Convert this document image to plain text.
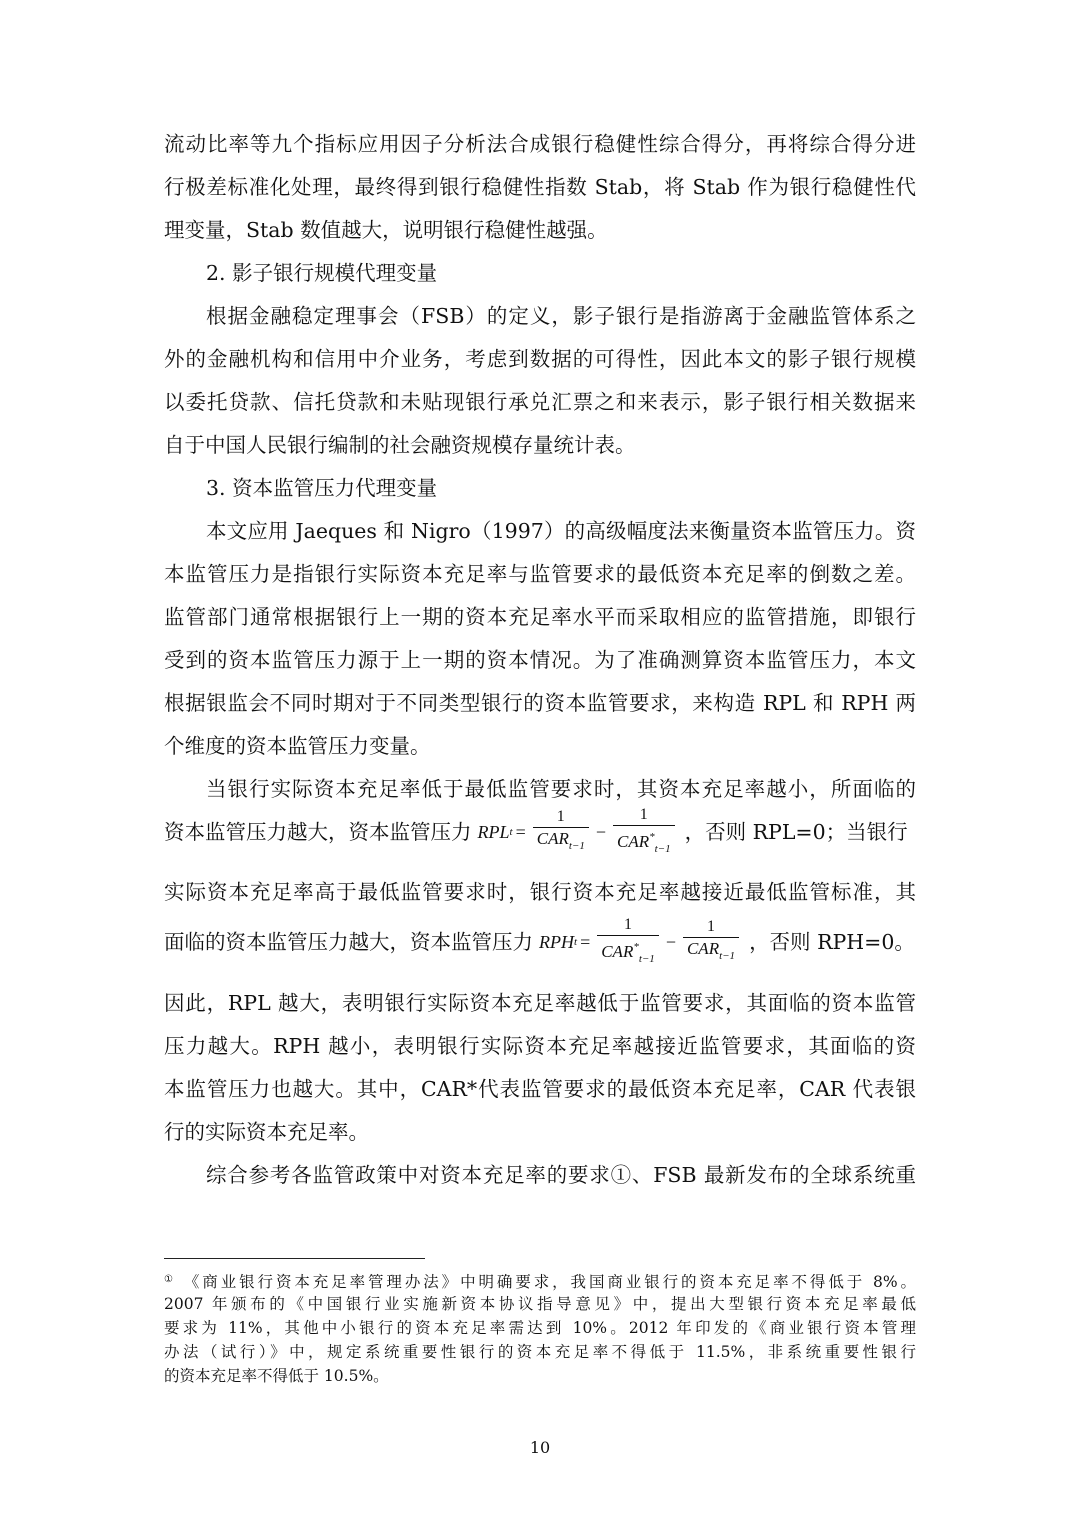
流动比率等九个指标应用因子分析法合成银行稳健性综合得分，再将综合得分进
行极差标准化处理，最终得到银行稳健性指数 Stab，将 Stab 作为银行稳健性代
理变量，Stab 数值越大，说明银行稳健性越强。
2. 影子银行规模代理变量
根据金融稳定理事会（FSB）的定义，影子银行是指游离于金融监管体系之
外的金融机构和信用中介业务，考虑到数据的可得性，因此本文的影子银行规模
以委托贷款、信托贷款和未贴现银行承兑汇票之和来表示，影子银行相关数据来
自于中国人民银行编制的社会融资规模存量统计表。
3. 资本监管压力代理变量
本文应用 Jaeques 和 Nigro（1997）的高级幅度法来衡量资本监管压力。资
本监管压力是指银行实际资本充足率与监管要求的最低资本充足率的倒数之差。
监管部门通常根据银行上一期的资本充足率水平而采取相应的监管措施，即银行
受到的资本监管压力源于上一期的资本情况。为了准确测算资本监管压力，本文
根据银监会不同时期对于不同类型银行的资本监管要求，来构造 RPL 和 RPH 两
个维度的资本监管压力变量。
当银行实际资本充足率低于最低监管要求时，其资本充足率越小，所面临的
资本监管压力越大，资本监管压力 RPL $t = \frac{1}{CAR_{t-1}} - \frac{1}{CAR^*_{t-1}}$ ，否则 RPL=0；当银行
实际资本充足率高于最低监管要求时，银行资本充足率越接近最低监管标准，其
面临的资本监管压力越大，资本监管压力 RPH $t = \frac{1}{CAR^*_{t-1}} - \frac{1}{CAR_{t-1}}$ ，否则 RPH=0。
因此，RPL 越大，表明银行实际资本充足率越低于监管要求，其面临的资本监管
压力越大。RPH 越小，表明银行实际资本充足率越接近监管要求，其面临的资
本监管压力也越大。其中，CAR*代表监管要求的最低资本充足率，CAR 代表银
行的实际资本充足率。
综合参考各监管政策中对资本充足率的要求①、FSB 最新发布的全球系统重
① 《商业银行资本充足率管理办法》中明确要求，我国商业银行的资本充足率不得低于 8%。
2007 年颁布的《中国银行业实施新资本协议指导意见》中，提出大型银行资本充足率最低
要求为 11%，其他中小银行的资本充足率需达到 10%。2012 年印发的《商业银行资本管理
办法（试行）》中，规定系统重要性银行的资本充足率不得低于 11.5%，非系统重要性银行
的资本充足率不得低于 10.5%。
10
